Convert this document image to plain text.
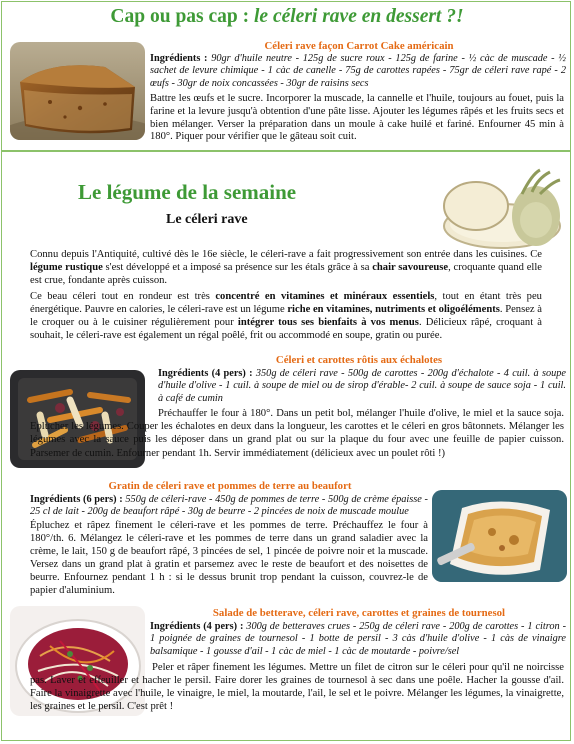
Cap ou pas cap : le céleri rave en dessert ?!
Céleri rave façon Carrot Cake américain
Ingrédients : 90gr d'huile neutre - 125g de sucre roux - 125g de farine - ½ càc de muscade - ½ sachet de levure chimique - 1 càc de canelle - 75g de carottes rapées - 75gr de céleri rave rapé - 2 œufs - 30gr de noix concassées - 30gr de raisins secs
Battre les œufs et le sucre. Incorporer la muscade, la cannelle et l'huile, toujours au fouet, puis la farine et la levure jusqu'à obtention d'une pâte lisse. Ajouter les légumes râpés et les fruits secs et bien mélanger. Verser la préparation dans un moule à cake huilé et fariné. Enfourner 45 min à 180°. Piquer pour vérifier que le gâteau soit cuit.
Le légume de la semaine
Le céleri rave
Connu depuis l'Antiquité, cultivé dès le 16e siècle, le céleri-rave a fait progressivement son entrée dans les cuisines. Ce légume rustique s'est développé et a imposé sa présence sur les étals grâce à sa chair savoureuse, croquante quand elle est crue, fondante après cuisson.
Ce beau céleri tout en rondeur est très concentré en vitamines et minéraux essentiels, tout en étant très peu énergétique. Pauvre en calories, le céleri-rave est un légume riche en vitamines, nutriments et oligoéléments. Pensez à le croquer ou à le cuisiner régulièrement pour intégrer tous ses bienfaits à vos menus. Délicieux râpé, croquant à souhait, le céleri-rave est également un régal poêlé, frit ou accommodé en soupe, gratin ou purée.
Céleri et carottes rôtis aux échalotes
Ingrédients (4 pers) : 350g de céleri rave - 500g de carottes - 200g d'échalote - 4 cuil. à soupe d'huile d'olive - 1 cuil. à soupe de miel ou de sirop d'érable- 2 cuil. à soupe de sauce soja - 1 cuil. à café de cumin
Préchauffer le four à 180°. Dans un petit bol, mélanger l'huile d'olive, le miel et la sauce soja. Eplucher les légumes. Couper les échalotes en deux dans la longueur, les carottes et le céleri en gros bâtonnets. Mélanger les légumes avec la sauce puis les déposer dans un grand plat ou sur la plaque du four avec une feuille de papier cuisson. Parsemer de cumin. Enfourner pendant 1h. Servir immédiatement (délicieux avec un poulet rôti !)
Gratin de céleri rave et pommes de terre au beaufort
Ingrédients (6 pers) : 550g de céleri-rave - 450g de pommes de terre - 500g de crème épaisse - 25 cl de lait - 200g de beaufort râpé - 30g de beurre - 2 pincées de noix de muscade moulue
Épluchez et râpez finement le céleri-rave et les pommes de terre. Préchauffez le four à 180°/th. 6. Mélangez le céleri-rave et les pommes de terre dans un grand saladier avec la crème, le lait, 150 g de beaufort râpé, 3 pincées de sel, 1 pincée de poivre noir et la muscade. Versez dans un grand plat à gratin et parsemez avec le reste de beaufort et des noisettes de beurre. Enfournez pendant 1 h : si le dessus brunit trop pendant la cuisson, couvrez-le de papier d'aluminium.
Salade de betterave, céleri rave, carottes et graines de tournesol
Ingrédients (4 pers) : 300g de betteraves crues - 250g de céleri rave - 200g de carottes - 1 citron - 1 poignée de graines de tournesol - 1 botte de persil - 3 càs d'huile d'olive - 1 càs de vinaigre balsamique - 1 gousse d'ail - 1 càc de miel - 1 càc de moutarde - poivre/sel
Peler et râper finement les légumes. Mettre un filet de citron sur le céleri pour qu'il ne noircisse pas. Laver et effeuiller et hacher le persil. Faire dorer les graines de tournesol à sec dans une poêle. Hacher la gousse d'ail. Faire la vinaigrette avec l'huile, le vinaigre, le miel, la moutarde, l'ail, le sel et le poivre. Mélanger les légumes, la vinaigrette, les graines et le persil. C'est prêt !
